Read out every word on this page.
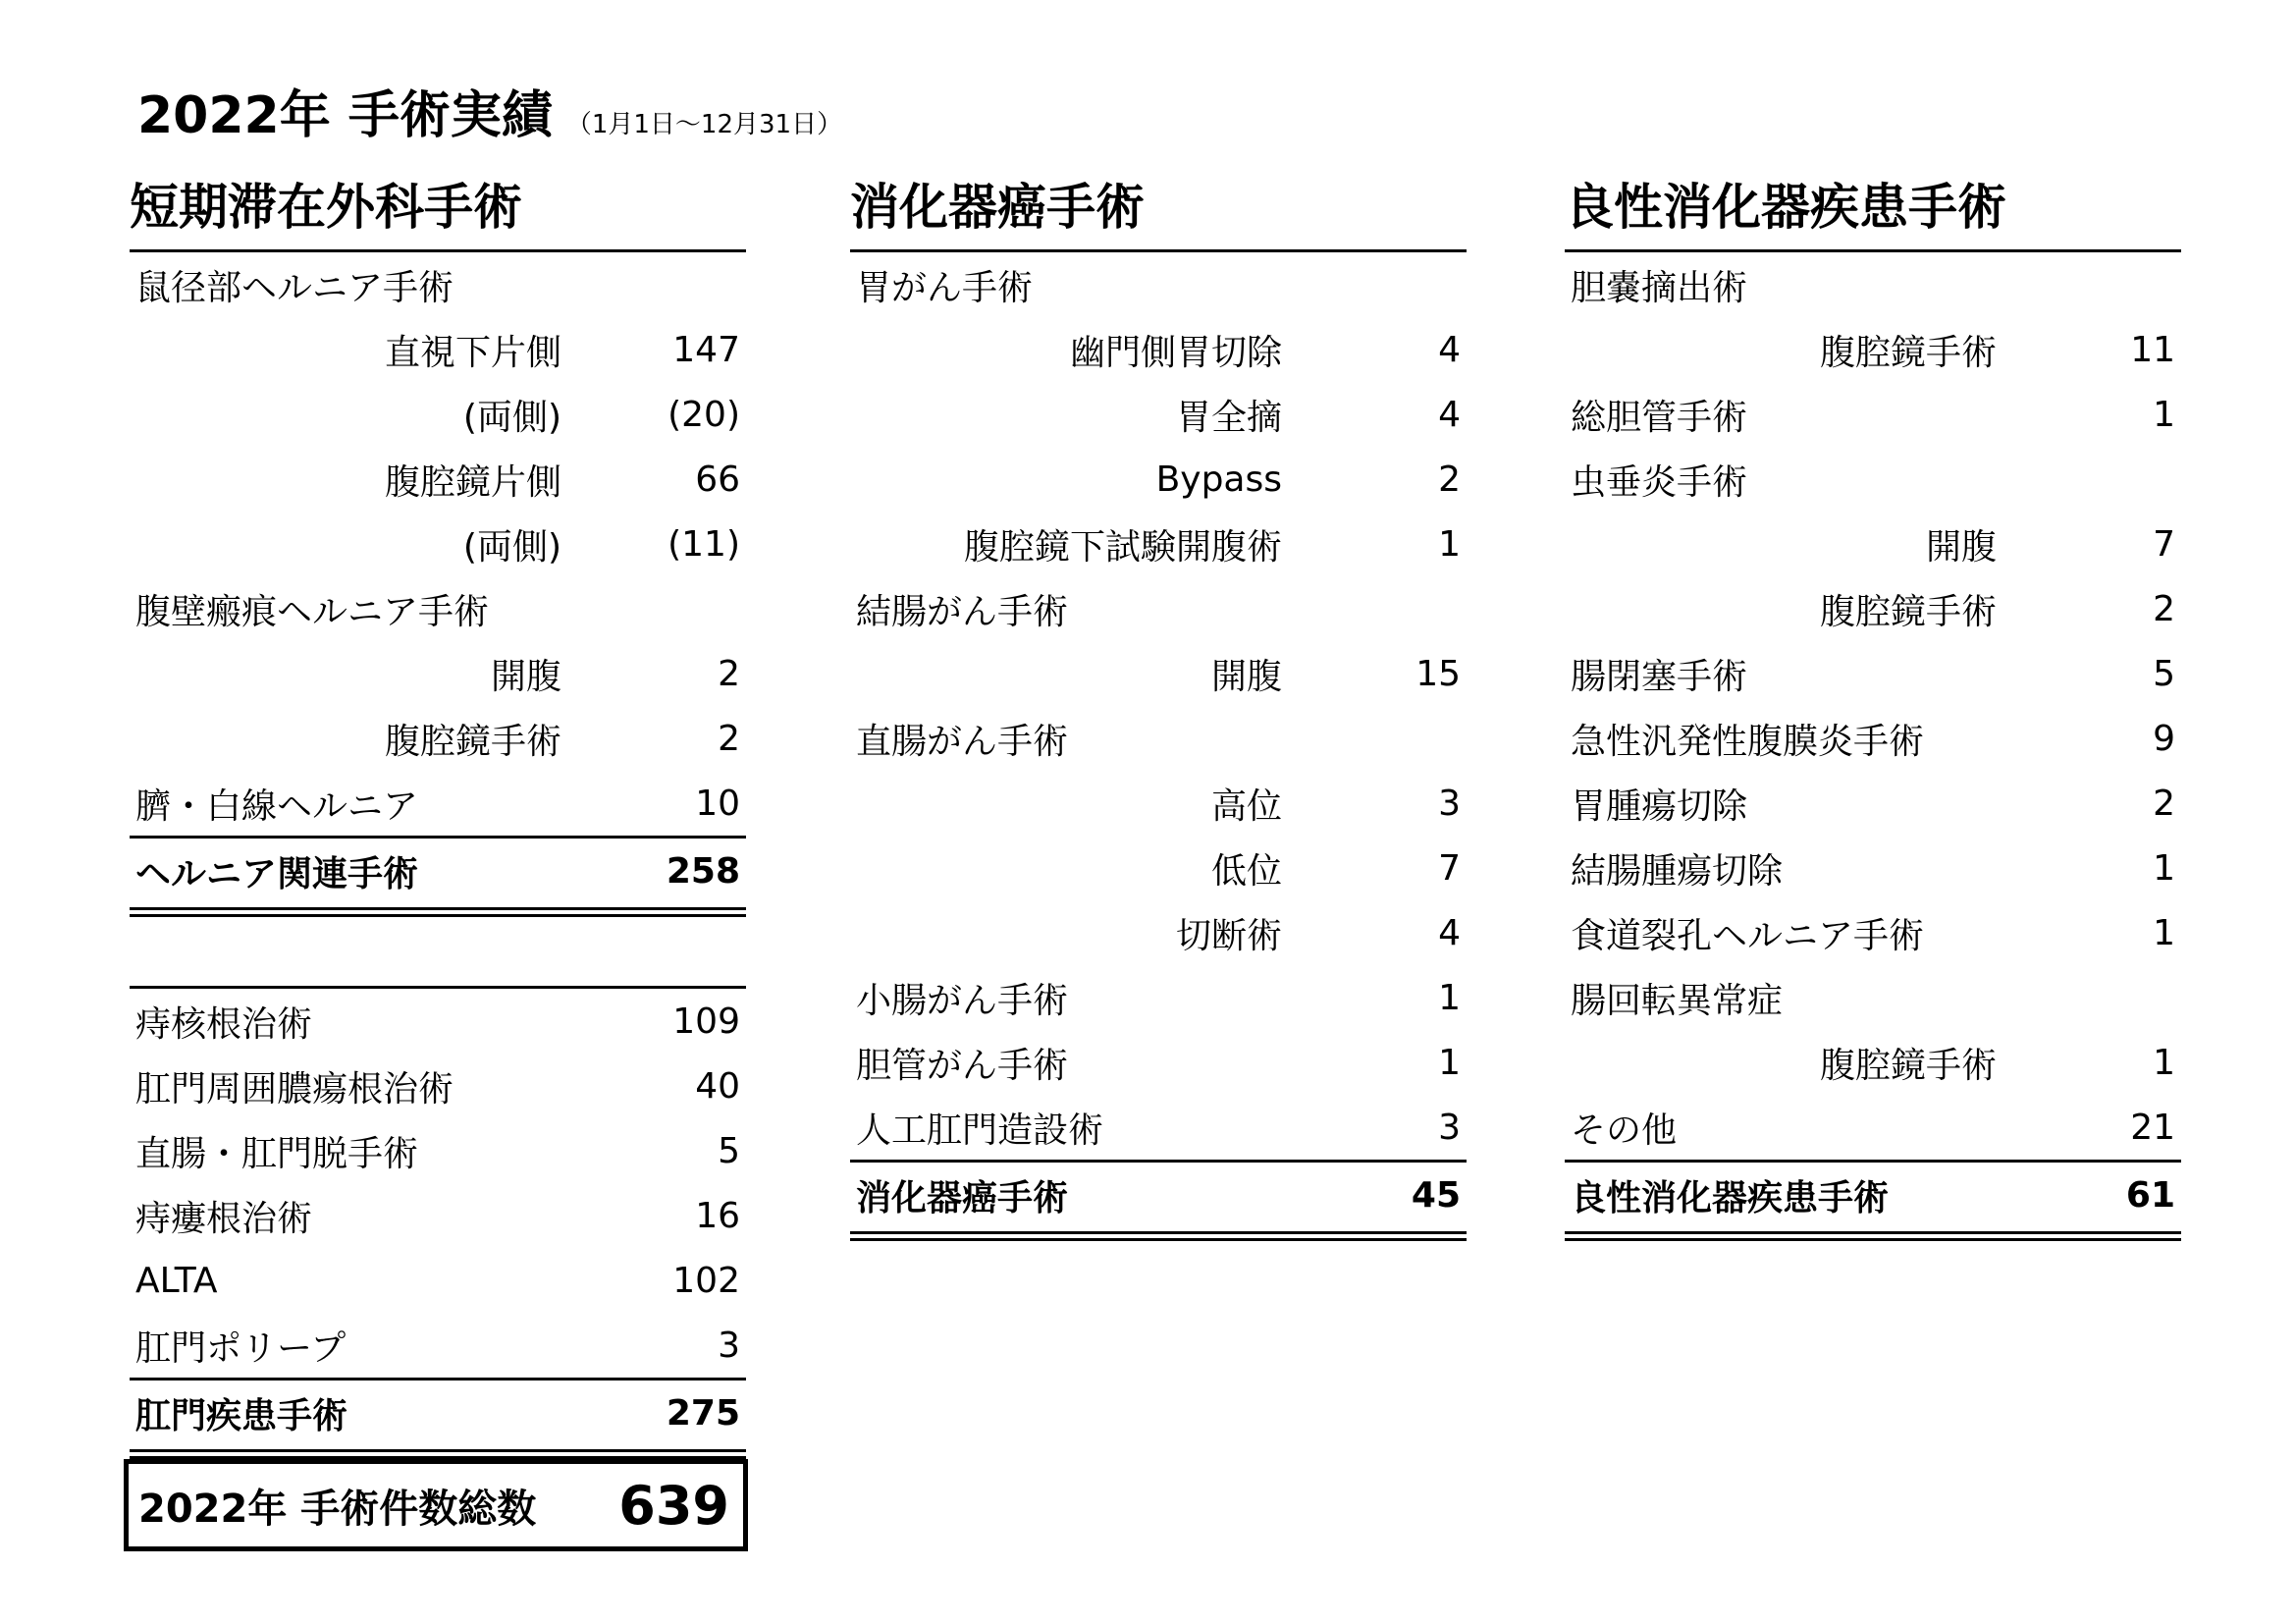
2022年 手術実績 （1月1日～12月31日）
短期滞在外科手術
鼠径部ヘルニア手術
直視下片側	147
(両側)	(20)
腹腔鏡片側	66
(両側)	(11)
腹壁瘢痕ヘルニア手術
開腹	2
腹腔鏡手術	2
臍・白線ヘルニア	10
ヘルニア関連手術	258
痔核根治術	109
肛門周囲膿瘍根治術	40
直腸・肛門脱手術	5
痔瘻根治術	16
ALTA	102
肛門ポリープ	3
肛門疾患手術	275
消化器癌手術
胃がん手術
幽門側胃切除	4
胃全摘	4
Bypass	2
腹腔鏡下試験開腹術	1
結腸がん手術
開腹	15
直腸がん手術
高位	3
低位	7
切断術	4
小腸がん手術	1
胆管がん手術	1
人工肛門造設術	3
消化器癌手術	45
良性消化器疾患手術
胆嚢摘出術
腹腔鏡手術	11
総胆管手術	1
虫垂炎手術
開腹	7
腹腔鏡手術	2
腸閉塞手術	5
急性汎発性腹膜炎手術	9
胃腫瘍切除	2
結腸腫瘍切除	1
食道裂孔ヘルニア手術	1
腸回転異常症
腹腔鏡手術	1
その他	21
良性消化器疾患手術	61
2022年 手術件数総数	639
